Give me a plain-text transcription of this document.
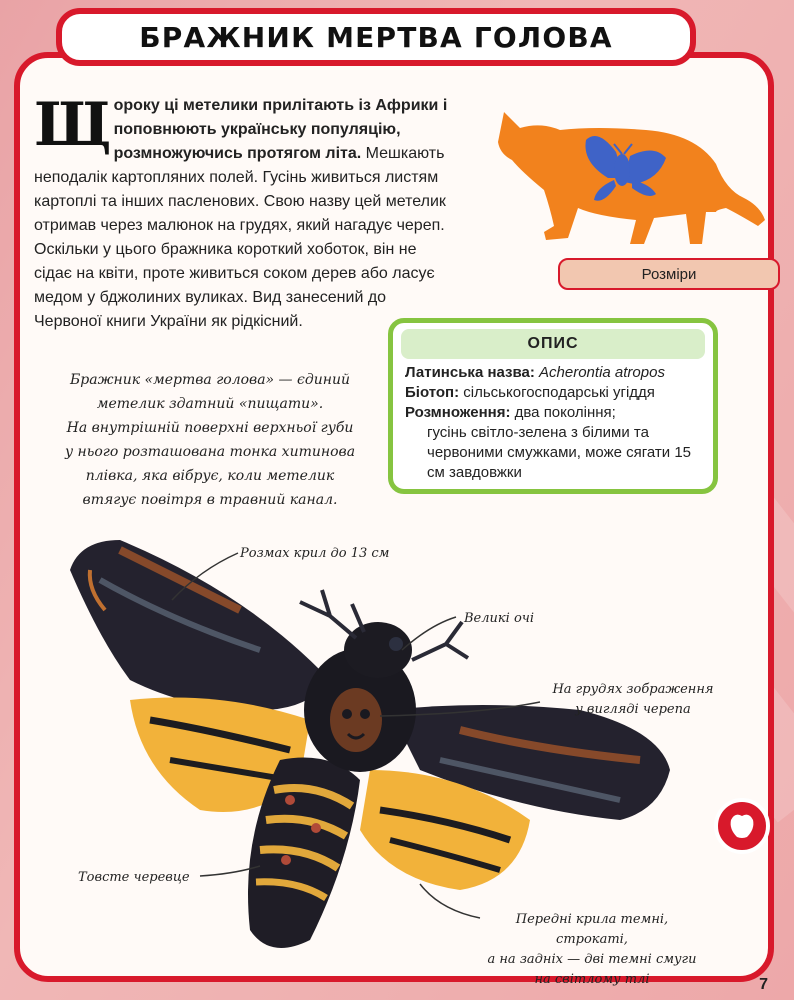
БРАЖНИК МЕРТВА ГОЛОВА
Щороку ці метелики прилітають із Африки і поповнюють українську популяцію, розмножуючись протягом літа. Мешкають неподалік картопляних полей. Гусінь живиться листям картоплі та інших пасленових. Свою назву цей метелик отримав через малюнок на грудях, який нагадує череп. Оскільки у цього бражника короткий хоботок, він не сідає на квіти, проте живиться соком дерев або ласує медом у бджолиних вуликах. Вид занесений до Червоної книги України як рідкісний.
Розміри
ОПИС
Латинська назва: Acherontia atropos
Біотоп: сільськогосподарські угіддя
Розмноження: два покоління;
гусінь світло-зелена з білими та червоними смужками, може сягати 15 см завдовжки
Бражник «мертва голова» — єдиний
метелик здатний «пищати».
На внутрішній поверхні верхньої губи
у нього розташована тонка хитинова
плівка, яка вібрує, коли метелик
втягує повітря в травний канал.
Розмах крил до 13 см
Великі очі
На грудях зображення
у вигляді черепа
Товсте черевце
Передні крила темні, строкаті,
а на задніх — дві темні смуги
на світлому тлі	7
